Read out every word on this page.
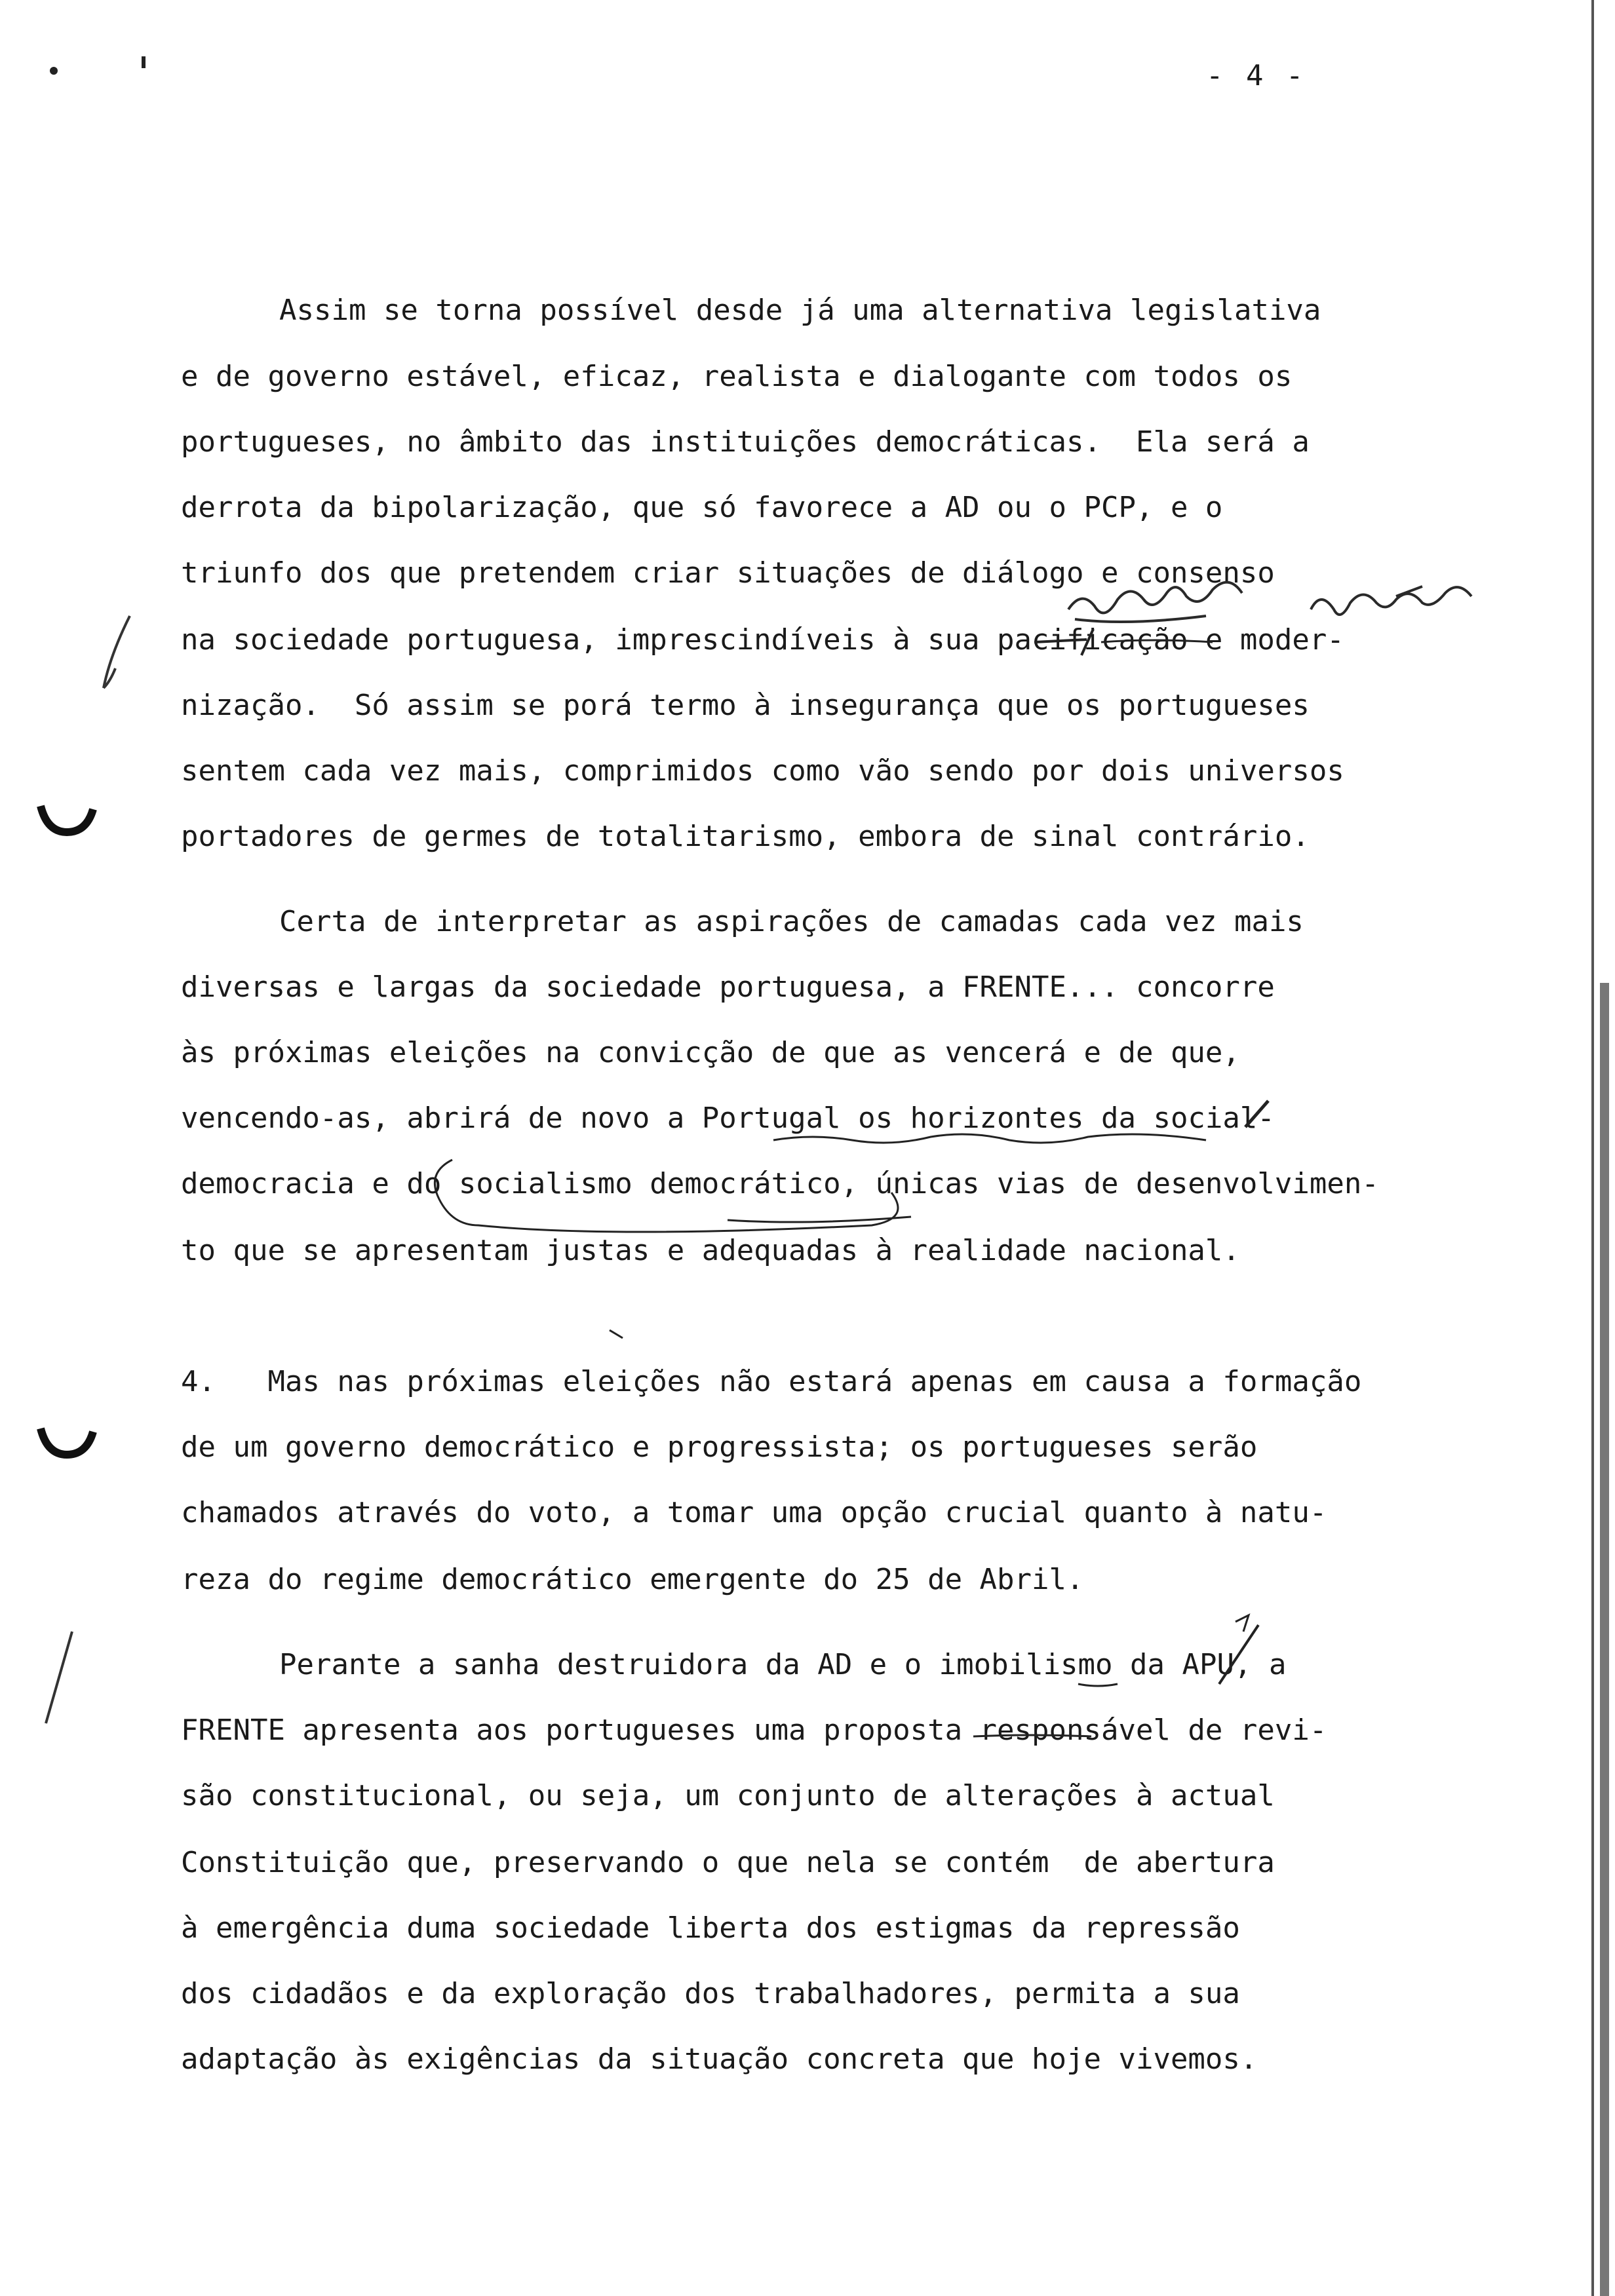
- 4 -
Assim se torna possível desde já uma alternativa legislativa
e de governo estável, eficaz, realista e dialogante com todos os
portugueses, no âmbito das instituições democráticas.  Ela será a
derrota da bipolarização, que só favorece a AD ou o PCP, e o
triunfo dos que pretendem criar situações de diálogo e consenso
na sociedade portuguesa, imprescindíveis à sua pacificação e moder-
nização.  Só assim se porá termo à insegurança que os portugueses
sentem cada vez mais, comprimidos como vão sendo por dois universos
portadores de germes de totalitarismo, embora de sinal contrário.
Certa de interpretar as aspirações de camadas cada vez mais
diversas e largas da sociedade portuguesa, a FRENTE... concorre
às próximas eleições na convicção de que as vencerá e de que,
vencendo-as, abrirá de novo a Portugal os horizontes da social-
democracia e do socialismo democrático, únicas vias de desenvolvimen-
to que se apresentam justas e adequadas à realidade nacional.
4.   Mas nas próximas eleições não estará apenas em causa a formação
de um governo democrático e progressista; os portugueses serão
chamados através do voto, a tomar uma opção crucial quanto à natu-
reza do regime democrático emergente do 25 de Abril.
Perante a sanha destruidora da AD e o imobilismo da APU, a
FRENTE apresenta aos portugueses uma proposta responsável de revi-
são constitucional, ou seja, um conjunto de alterações à actual
Constituição que, preservando o que nela se contém  de abertura
à emergência duma sociedade liberta dos estigmas da repressão
dos cidadãos e da exploração dos trabalhadores, permita a sua
adaptação às exigências da situação concreta que hoje vivemos.
